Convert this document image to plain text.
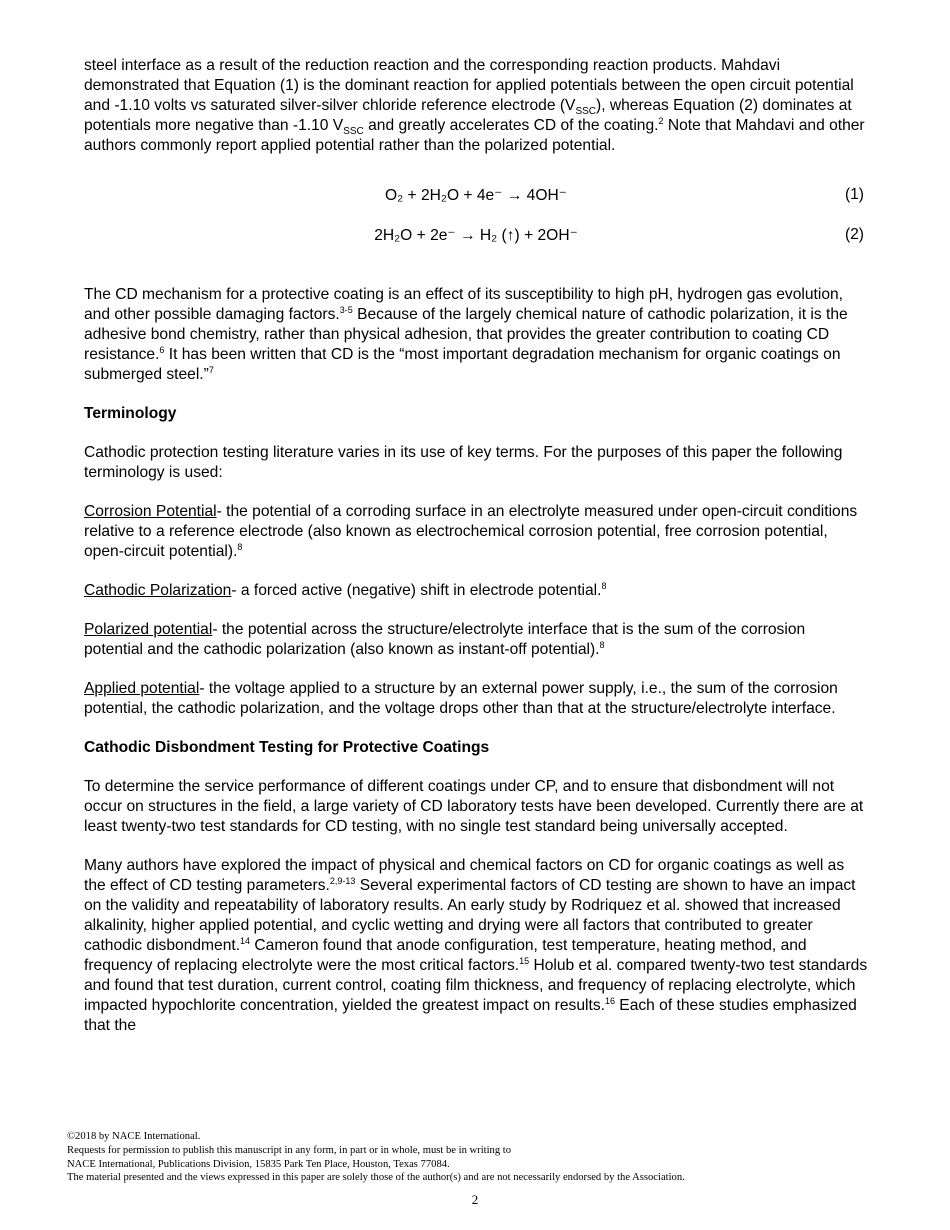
steel interface as a result of the reduction reaction and the corresponding reaction products. Mahdavi demonstrated that Equation (1) is the dominant reaction for applied potentials between the open circuit potential and -1.10 volts vs saturated silver-silver chloride reference electrode $(V_{SSC})$, whereas Equation (2) dominates at potentials more negative than -1.10 $V_{SSC}$ and greatly accelerates CD of the coating.$^2$ Note that Mahdavi and other authors commonly report applied potential rather than the polarized potential.

O₂ + 2H₂O + 4e⁻ → 4OH⁻	(1)
2H₂O + 2e⁻ → H₂ (↑) + 2OH⁻	(2)

The CD mechanism for a protective coating is an effect of its susceptibility to high pH, hydrogen gas evolution, and other possible damaging factors.$^{3-5}$ Because of the largely chemical nature of cathodic polarization, it is the adhesive bond chemistry, rather than physical adhesion, that provides the greater contribution to coating CD resistance.$^6$ It has been written that CD is the “most important degradation mechanism for organic coatings on submerged steel.”$^7$

Terminology

Cathodic protection testing literature varies in its use of key terms. For the purposes of this paper the following terminology is used:

Corrosion Potential- the potential of a corroding surface in an electrolyte measured under open-circuit conditions relative to a reference electrode (also known as electrochemical corrosion potential, free corrosion potential, open-circuit potential).$^8$

Cathodic Polarization- a forced active (negative) shift in electrode potential.$^8$

Polarized potential- the potential across the structure/electrolyte interface that is the sum of the corrosion potential and the cathodic polarization (also known as instant-off potential).$^8$

Applied potential- the voltage applied to a structure by an external power supply, i.e., the sum of the corrosion potential, the cathodic polarization, and the voltage drops other than that at the structure/electrolyte interface.

Cathodic Disbondment Testing for Protective Coatings

To determine the service performance of different coatings under CP, and to ensure that disbondment will not occur on structures in the field, a large variety of CD laboratory tests have been developed. Currently there are at least twenty-two test standards for CD testing, with no single test standard being universally accepted.

Many authors have explored the impact of physical and chemical factors on CD for organic coatings as well as the effect of CD testing parameters.$^{2,9-13}$ Several experimental factors of CD testing are shown to have an impact on the validity and repeatability of laboratory results. An early study by Rodriquez et al. showed that increased alkalinity, higher applied potential, and cyclic wetting and drying were all factors that contributed to greater cathodic disbondment.$^{14}$ Cameron found that anode configuration, test temperature, heating method, and frequency of replacing electrolyte were the most critical factors.$^{15}$ Holub et al. compared twenty-two test standards and found that test duration, current control, coating film thickness, and frequency of replacing electrolyte, which impacted hypochlorite concentration, yielded the greatest impact on results.$^{16}$ Each of these studies emphasized that the

©2018 by NACE International.
Requests for permission to publish this manuscript in any form, in part or in whole, must be in writing to
NACE International, Publications Division, 15835 Park Ten Place, Houston, Texas 77084.
The material presented and the views expressed in this paper are solely those of the author(s) and are not necessarily endorsed by the Association.
2
